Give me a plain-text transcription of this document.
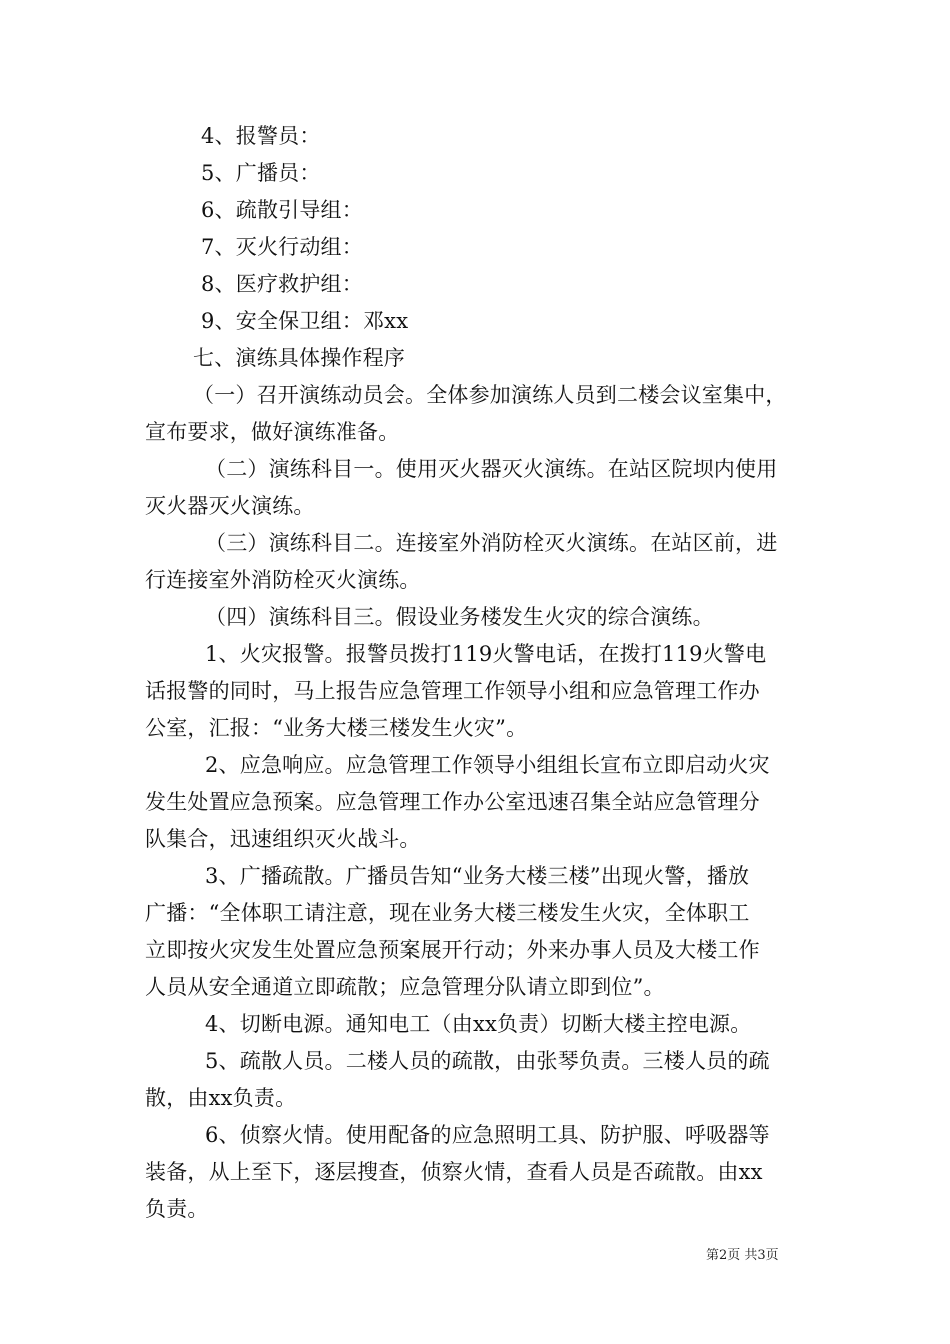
4、报警员：
5、广播员：
6、疏散引导组：
7、灭火行动组：
8、医疗救护组：
9、安全保卫组：邓xx
七、演练具体操作程序
（一）召开演练动员会。全体参加演练人员到二楼会议室集中，
宣布要求，做好演练准备。
（二）演练科目一。使用灭火器灭火演练。在站区院坝内使用
灭火器灭火演练。
（三）演练科目二。连接室外消防栓灭火演练。在站区前，进
行连接室外消防栓灭火演练。
（四）演练科目三。假设业务楼发生火灾的综合演练。
1、火灾报警。报警员拨打119火警电话，在拨打119火警电
话报警的同时，马上报告应急管理工作领导小组和应急管理工作办
公室，汇报：“业务大楼三楼发生火灾”。
2、应急响应。应急管理工作领导小组组长宣布立即启动火灾
发生处置应急预案。应急管理工作办公室迅速召集全站应急管理分
队集合，迅速组织灭火战斗。
3、广播疏散。广播员告知“业务大楼三楼”出现火警，播放
广播：“全体职工请注意，现在业务大楼三楼发生火灾，全体职工
立即按火灾发生处置应急预案展开行动；外来办事人员及大楼工作
人员从安全通道立即疏散；应急管理分队请立即到位”。
4、切断电源。通知电工（由xx负责）切断大楼主控电源。
5、疏散人员。二楼人员的疏散，由张琴负责。三楼人员的疏
散，由xx负责。
6、侦察火情。使用配备的应急照明工具、防护服、呼吸器等
装备，从上至下，逐层搜查，侦察火情，查看人员是否疏散。由xx
负责。
第2页 共3页
